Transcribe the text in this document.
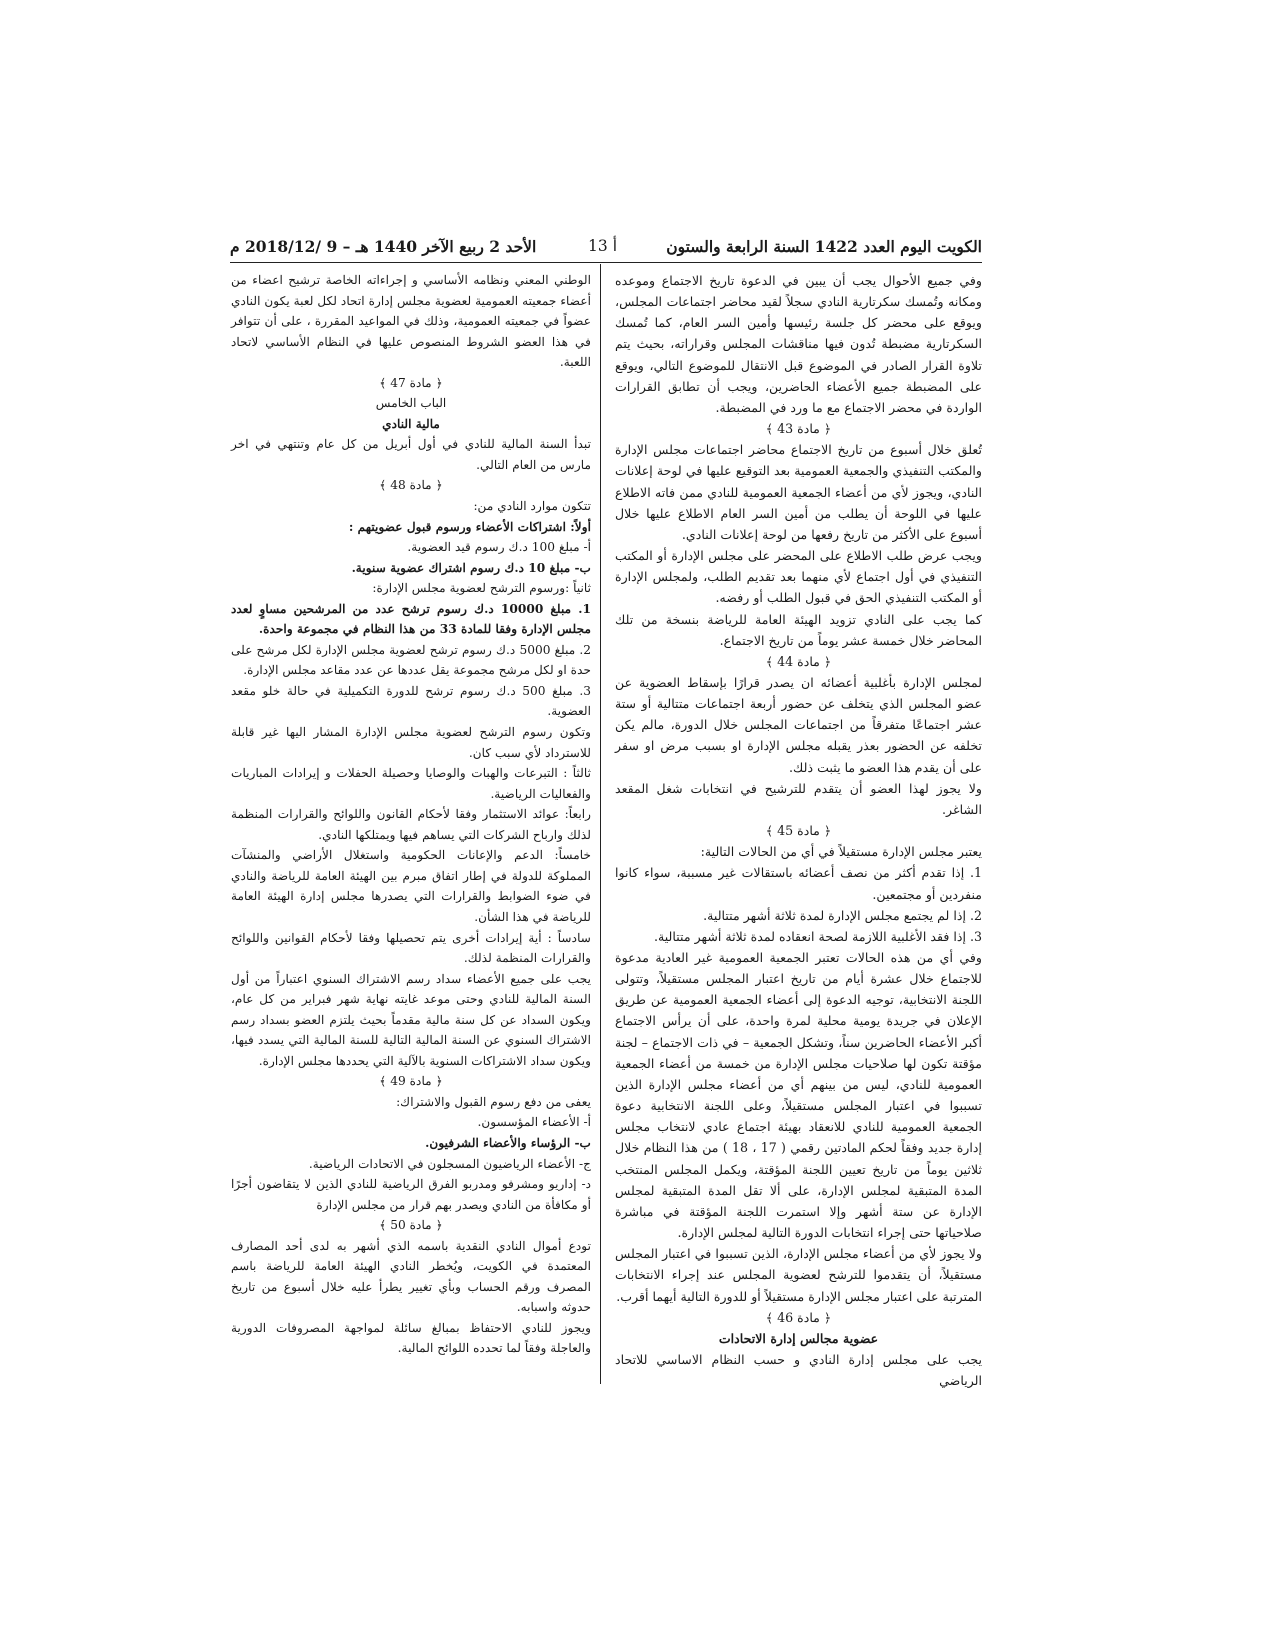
الكويت اليوم العدد 1422 السنة الرابعة والستون
أ 13
الأحد 2 ربيع الآخر 1440 هـ – 9 /2018/12 م

وفي جميع الأحوال يجب أن يبين في الدعوة تاريخ الاجتماع وموعده ومكانه وتُمسك سكرتارية النادي سجلاً لقيد محاضر اجتماعات المجلس، ويوقع على محضر كل جلسة رئيسها وأمين السر العام، كما تُمسك السكرتارية مضبطة تُدون فيها مناقشات المجلس وقراراته، بحيث يتم تلاوة القرار الصادر في الموضوع قبل الانتقال للموضوع التالي، ويوقع على المضبطة جميع الأعضاء الحاضرين، ويجب أن تطابق القرارات الواردة في محضر الاجتماع مع ما ورد في المضبطة.

﴿ مادة 43 ﴾

تُعلق خلال أسبوع من تاريخ الاجتماع محاضر اجتماعات مجلس الإدارة والمكتب التنفيذي والجمعية العمومية بعد التوقيع عليها في لوحة إعلانات النادي، ويجوز لأي من أعضاء الجمعية العمومية للنادي ممن فاته الاطلاع عليها في اللوحة أن يطلب من أمين السر العام الاطلاع عليها خلال أسبوع على الأكثر من تاريخ رفعها من لوحة إعلانات النادي.

ويجب عرض طلب الاطلاع على المحضر على مجلس الإدارة أو المكتب التنفيذي في أول اجتماع لأي منهما بعد تقديم الطلب، ولمجلس الإدارة أو المكتب التنفيذي الحق في قبول الطلب أو رفضه.

كما يجب على النادي تزويد الهيئة العامة للرياضة بنسخة من تلك المحاضر خلال خمسة عشر يوماً من تاريخ الاجتماع.

﴿ مادة 44 ﴾

لمجلس الإدارة بأغلبية أعضائه ان يصدر قرارًا بإسقاط العضوية عن عضو المجلس الذي يتخلف عن حضور أربعة اجتماعات متتالية أو ستة عشر اجتماعًا متفرقاً من اجتماعات المجلس خلال الدورة، مالم يكن تخلفه عن الحضور بعذر يقبله مجلس الإدارة او بسبب مرض او سفر على أن يقدم هذا العضو ما يثبت ذلك.

ولا يجوز لهذا العضو أن يتقدم للترشيح في انتخابات شغل المقعد الشاغر.

﴿ مادة 45 ﴾

يعتبر مجلس الإدارة مستقيلاً في أي من الحالات التالية:

1. إذا تقدم أكثر من نصف أعضائه باستقالات غير مسببة، سواء كانوا منفردين أو مجتمعين.

2. إذا لم يجتمع مجلس الإدارة لمدة ثلاثة أشهر متتالية.

3. إذا فقد الأغلبية اللازمة لصحة انعقاده لمدة ثلاثة أشهر متتالية.

وفي أي من هذه الحالات تعتبر الجمعية العمومية غير العادية مدعوة للاجتماع خلال عشرة أيام من تاريخ اعتبار المجلس مستقيلاً، وتتولى اللجنة الانتخابية، توجيه الدعوة إلى أعضاء الجمعية العمومية عن طريق الإعلان في جريدة يومية محلية لمرة واحدة، على أن يرأس الاجتماع أكبر الأعضاء الحاضرين سناً، وتشكل الجمعية – في ذات الاجتماع – لجنة مؤقتة تكون لها صلاحيات مجلس الإدارة من خمسة من أعضاء الجمعية العمومية للنادي، ليس من بينهم أي من أعضاء مجلس الإدارة الذين تسببوا في اعتبار المجلس مستقيلاً، وعلى اللجنة الانتخابية دعوة الجمعية العمومية للنادي للانعقاد بهيئة اجتماع عادي لانتخاب مجلس إدارة جديد وفقاً لحكم المادتين رقمي ( 17 ، 18 ) من هذا النظام خلال ثلاثين يوماً من تاريخ تعيين اللجنة المؤقتة، ويكمل المجلس المنتخب المدة المتبقية لمجلس الإدارة، على ألا تقل المدة المتبقية لمجلس الإدارة عن ستة أشهر وإلا استمرت اللجنة المؤقتة في مباشرة صلاحياتها حتى إجراء انتخابات الدورة التالية لمجلس الإدارة.

ولا يجوز لأي من أعضاء مجلس الإدارة، الذين تسببوا في اعتبار المجلس مستقيلاً، أن يتقدموا للترشح لعضوية المجلس عند إجراء الانتخابات المترتبة على اعتبار مجلس الإدارة مستقيلاً أو للدورة التالية أيهما أقرب.

﴿ مادة 46 ﴾

عضوية مجالس إدارة الاتحادات

يجب على مجلس إدارة النادي و حسب النظام الاساسي للاتحاد الرياضي

الوطني المعني ونظامه الأساسي و إجراءاته الخاصة ترشيح اعضاء من أعضاء جمعيته العمومية لعضوية مجلس إدارة اتحاد لكل لعبة يكون النادي عضواً في جمعيته العمومية، وذلك في المواعيد المقررة ، على أن تتوافر في هذا العضو الشروط المنصوص عليها في النظام الأساسي لاتحاد اللعبة.

﴿ مادة 47 ﴾

الباب الخامس

مالية النادي

تبدأ السنة المالية للنادي في أول أبريل من كل عام وتنتهي في اخر مارس من العام التالي.

﴿ مادة 48 ﴾

تتكون موارد النادي من:

أولاً: اشتراكات الأعضاء ورسوم قبول عضويتهم :

أ- مبلغ 100 د.ك رسوم قيد العضوية.

ب- مبلغ 10 د.ك رسوم اشتراك عضوية سنوية.

ثانياً :ورسوم الترشح لعضوية مجلس الإدارة:

1. مبلغ 10000 د.ك رسوم ترشح عدد من المرشحين مساوٍ لعدد مجلس الإدارة وفقا للمادة 33 من هذا النظام في مجموعة واحدة.

2. مبلغ 5000 د.ك رسوم ترشح لعضوية مجلس الإدارة لكل مرشح على حدة او لكل مرشح مجموعة يقل عددها عن عدد مقاعد مجلس الإدارة.

3. مبلغ 500 د.ك رسوم ترشح للدورة التكميلية في حالة خلو مقعد العضوية.

وتكون رسوم الترشح لعضوية مجلس الإدارة المشار اليها غير قابلة للاسترداد لأي سبب كان.

ثالثاً : التبرعات والهبات والوصايا وحصيلة الحفلات و إيرادات المباريات والفعاليات الرياضية.

رابعاً: عوائد الاستثمار وفقا لأحكام القانون واللوائح والقرارات المنظمة لذلك وارباح الشركات التي يساهم فيها ويمتلكها النادي.

خامساً: الدعم والإعانات الحكومية واستغلال الأراضي والمنشآت المملوكة للدولة في إطار اتفاق مبرم بين الهيئة العامة للرياضة والنادي في ضوء الضوابط والقرارات التي يصدرها مجلس إدارة الهيئة العامة للرياضة في هذا الشأن.

سادساً : أية إيرادات أخرى يتم تحصيلها وفقا لأحكام القوانين واللوائح والقرارات المنظمة لذلك.

يجب على جميع الأعضاء سداد رسم الاشتراك السنوي اعتباراً من أول السنة المالية للنادي وحتى موعد غايته نهاية شهر فبراير من كل عام، ويكون السداد عن كل سنة مالية مقدماً بحيث يلتزم العضو بسداد رسم الاشتراك السنوي عن السنة المالية التالية للسنة المالية التي يسدد فيها، ويكون سداد الاشتراكات السنوية بالآلية التي يحددها مجلس الإدارة.

﴿ مادة 49 ﴾

يعفى من دفع رسوم القبول والاشتراك:

أ- الأعضاء المؤسسون.

ب- الرؤساء والأعضاء الشرفيون.

ج- الأعضاء الرياضيون المسجلون في الاتحادات الرياضية.

د- إداريو ومشرفو ومدربو الفرق الرياضية للنادي الذين لا يتقاضون أجرًا أو مكافأة من النادي ويصدر بهم قرار من مجلس الإدارة

﴿ مادة 50 ﴾

تودع أموال النادي النقدية باسمه الذي أشهر به لدى أحد المصارف المعتمدة في الكويت، ويُخطر النادي الهيئة العامة للرياضة باسم المصرف ورقم الحساب وبأي تغيير يطرأ عليه خلال أسبوع من تاريخ حدوثه واسبابه.

ويجوز للنادي الاحتفاظ بمبالغ سائلة لمواجهة المصروفات الدورية والعاجلة وفقاً لما تحدده اللوائح المالية.
